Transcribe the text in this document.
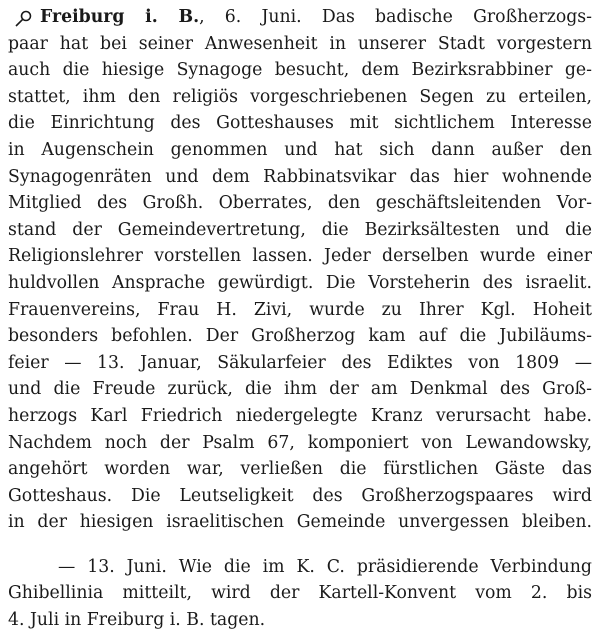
Freiburg i. B., 6. Juni. Das badische Großherzogs-
paar hat bei seiner Anwesenheit in unserer Stadt vorgestern
auch die hiesige Synagoge besucht, dem Bezirksrabbiner ge-
stattet, ihm den religiös vorgeschriebenen Segen zu erteilen,
die Einrichtung des Gotteshauses mit sichtlichem Interesse
in Augenschein genommen und hat sich dann außer den
Synagogenräten und dem Rabbinatsvikar das hier wohnende
Mitglied des Großh. Oberrates, den geschäftsleitenden Vor-
stand der Gemeindevertretung, die Bezirksältesten und die
Religionslehrer vorstellen lassen. Jeder derselben wurde einer
huldvollen Ansprache gewürdigt. Die Vorsteherin des israelit.
Frauenvereins, Frau H. Zivi, wurde zu Ihrer Kgl. Hoheit
besonders befohlen. Der Großherzog kam auf die Jubiläums-
feier — 13. Januar, Säkularfeier des Ediktes von 1809 —
und die Freude zurück, die ihm der am Denkmal des Groß-
herzogs Karl Friedrich niedergelegte Kranz verursacht habe.
Nachdem noch der Psalm 67, komponiert von Lewandowsky,
angehört worden war, verließen die fürstlichen Gäste das
Gotteshaus. Die Leutseligkeit des Großherzogspaares wird
in der hiesigen israelitischen Gemeinde unvergessen bleiben.
— 13. Juni. Wie die im K. C. präsidierende Verbindung
Ghibellinia mitteilt, wird der Kartell-Konvent vom 2. bis
4. Juli in Freiburg i. B. tagen.
